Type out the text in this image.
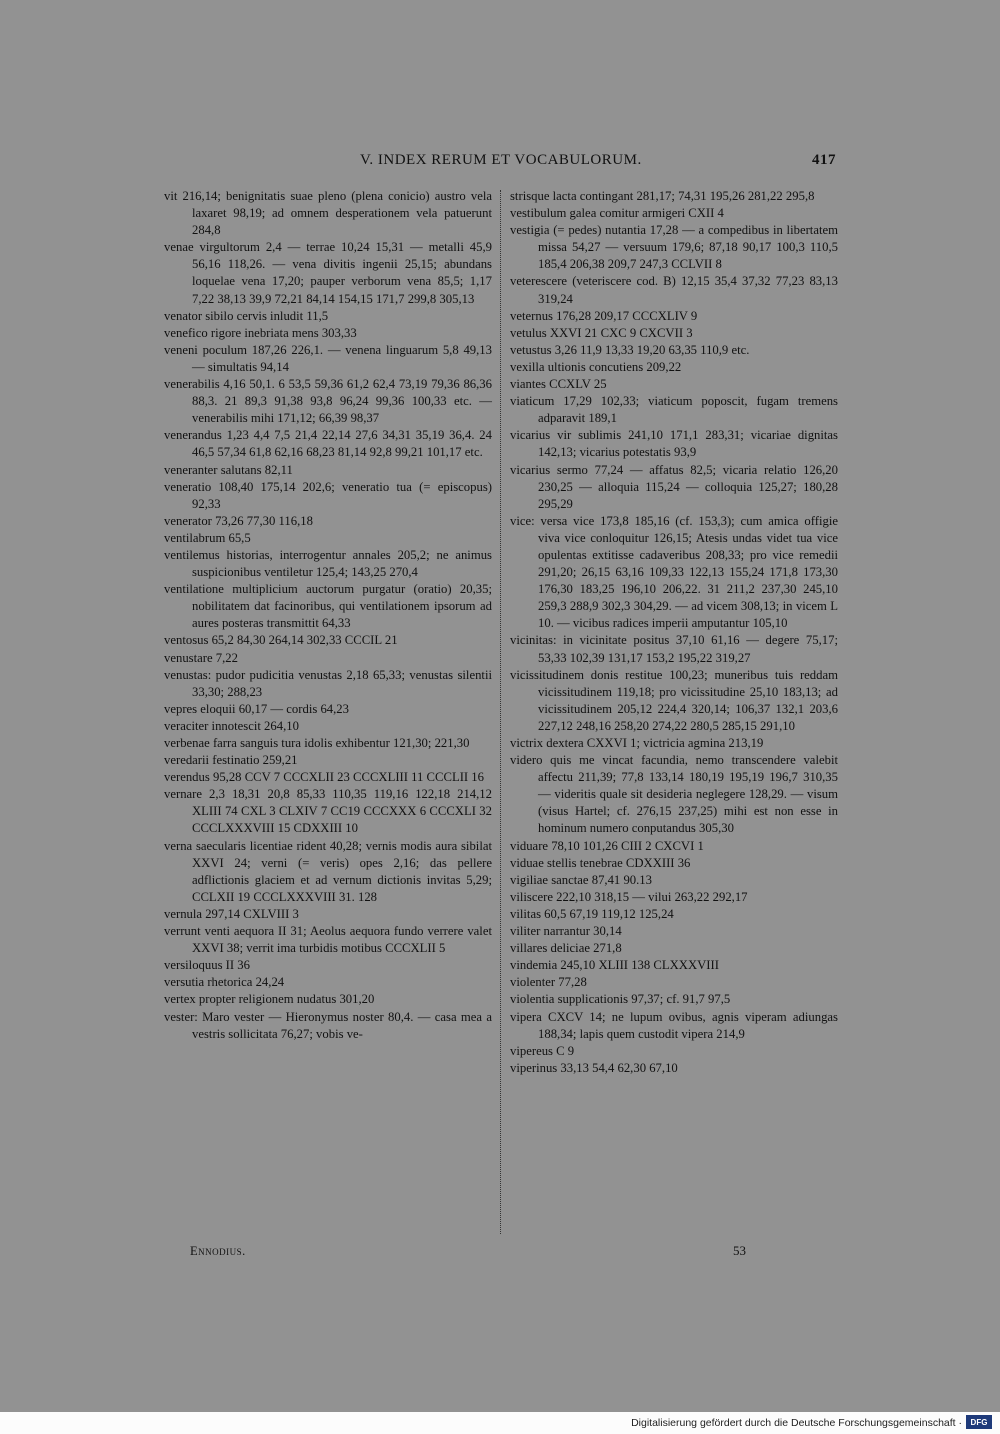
V. INDEX RERUM ET VOCABULORUM.	417

vit 216,14; benignitatis suae pleno (plena conicio) austro vela laxaret 98,19; ad omnem desperationem vela patuerunt 284,8

venae virgultorum 2,4 — terrae 10,24 15,31 — metalli 45,9 56,16 118,26. — vena divitis ingenii 25,15; abundans loquelae vena 17,20; pauper verborum vena 85,5; 1,17 7,22 38,13 39,9 72,21 84,14 154,15 171,7 299,8 305,13

venator sibilo cervis inludit 11,5

venefico rigore inebriata mens 303,33

veneni poculum 187,26 226,1. — venena linguarum 5,8 49,13 — simultatis 94,14

venerabilis 4,16 50,1. 6 53,5 59,36 61,2 62,4 73,19 79,36 86,36 88,3. 21 89,3 91,38 93,8 96,24 99,36 100,33 etc. — venerabilis mihi 171,12; 66,39 98,37

venerandus 1,23 4,4 7,5 21,4 22,14 27,6 34,31 35,19 36,4. 24 46,5 57,34 61,8 62,16 68,23 81,14 92,8 99,21 101,17 etc.

veneranter salutans 82,11

veneratio 108,40 175,14 202,6; veneratio tua (= episcopus) 92,33

venerator 73,26 77,30 116,18

ventilabrum 65,5

ventilemus historias, interrogentur annales 205,2; ne animus suspicionibus ventiletur 125,4; 143,25 270,4

ventilatione multiplicium auctorum purgatur (oratio) 20,35; nobilitatem dat facinoribus, qui ventilationem ipsorum ad aures posteras transmittit 64,33

ventosus 65,2 84,30 264,14 302,33 CCCIL 21

venustare 7,22

venustas: pudor pudicitia venustas 2,18 65,33; venustas silentii 33,30; 288,23

vepres eloquii 60,17 — cordis 64,23

veraciter innotescit 264,10

verbenae farra sanguis tura idolis exhibentur 121,30; 221,30

veredarii festinatio 259,21

verendus 95,28 CCV 7 CCCXLII 23 CCCXLIII 11 CCCLII 16

vernare 2,3 18,31 20,8 85,33 110,35 119,16 122,18 214,12 XLIII 74 CXL 3 CLXIV 7 CC19 CCCXXX 6 CCCXLI 32 CCCLXXXVIII 15 CDXXIII 10

verna saecularis licentiae rident 40,28; vernis modis aura sibilat XXVI 24; verni (= veris) opes 2,16; das pellere adflictionis glaciem et ad vernum dictionis invitas 5,29; CCLXII 19 CCCLXXXVIII 31. 128

vernula 297,14 CXLVIII 3

verrunt venti aequora II 31; Aeolus aequora fundo verrere valet XXVI 38; verrit ima turbidis motibus CCCXLII 5

versiloquus II 36

versutia rhetorica 24,24

vertex propter religionem nudatus 301,20

vester: Maro vester — Hieronymus noster 80,4. — casa mea a vestris sollicitata 76,27; vobis ve-

strisque lacta contingant 281,17; 74,31 195,26 281,22 295,8

vestibulum galea comitur armigeri CXII 4

vestigia (= pedes) nutantia 17,28 — a compedibus in libertatem missa 54,27 — versuum 179,6; 87,18 90,17 100,3 110,5 185,4 206,38 209,7 247,3 CCLVII 8

veterescere (veteriscere cod. B) 12,15 35,4 37,32 77,23 83,13 319,24

veternus 176,28 209,17 CCCXLIV 9

vetulus XXVI 21 CXC 9 CXCVII 3

vetustus 3,26 11,9 13,33 19,20 63,35 110,9 etc.

vexilla ultionis concutiens 209,22

viantes CCXLV 25

viaticum 17,29 102,33; viaticum poposcit, fugam tremens adparavit 189,1

vicarius vir sublimis 241,10 171,1 283,31; vicariae dignitas 142,13; vicarius potestatis 93,9

vicarius sermo 77,24 — affatus 82,5; vicaria relatio 126,20 230,25 — alloquia 115,24 — colloquia 125,27; 180,28 295,29

vice: versa vice 173,8 185,16 (cf. 153,3); cum amica offigie viva vice conloquitur 126,15; Atesis undas videt tua vice opulentas extitisse cadaveribus 208,33; pro vice remedii 291,20; 26,15 63,16 109,33 122,13 155,24 171,8 173,30 176,30 183,25 196,10 206,22. 31 211,2 237,30 245,10 259,3 288,9 302,3 304,29. — ad vicem 308,13; in vicem L 10. — vicibus radices imperii amputantur 105,10

vicinitas: in vicinitate positus 37,10 61,16 — degere 75,17; 53,33 102,39 131,17 153,2 195,22 319,27

vicissitudinem donis restitue 100,23; muneribus tuis reddam vicissitudinem 119,18; pro vicissitudine 25,10 183,13; ad vicissitudinem 205,12 224,4 320,14; 106,37 132,1 203,6 227,12 248,16 258,20 274,22 280,5 285,15 291,10

victrix dextera CXXVI 1; victricia agmina 213,19

videro quis me vincat facundia, nemo transcendere valebit affectu 211,39; 77,8 133,14 180,19 195,19 196,7 310,35 — videritis quale sit desideria neglegere 128,29. — visum (visus Hartel; cf. 276,15 237,25) mihi est non esse in hominum numero conputandus 305,30

viduare 78,10 101,26 CIII 2 CXCVI 1

viduae stellis tenebrae CDXXIII 36

vigiliae sanctae 87,41 90.13

viliscere 222,10 318,15 — vilui 263,22 292,17

vilitas 60,5 67,19 119,12 125,24

viliter narrantur 30,14

villares deliciae 271,8

vindemia 245,10 XLIII 138 CLXXXVIII

violenter 77,28

violentia supplicationis 97,37; cf. 91,7 97,5

vipera CXCV 14; ne lupum ovibus, agnis viperam adiungas 188,34; lapis quem custodit vipera 214,9

vipereus C 9

viperinus 33,13 54,4 62,30 67,10

Ennodius.	53
Digitalisierung gefördert durch die Deutsche Forschungsgemeinschaft ·	DFG
